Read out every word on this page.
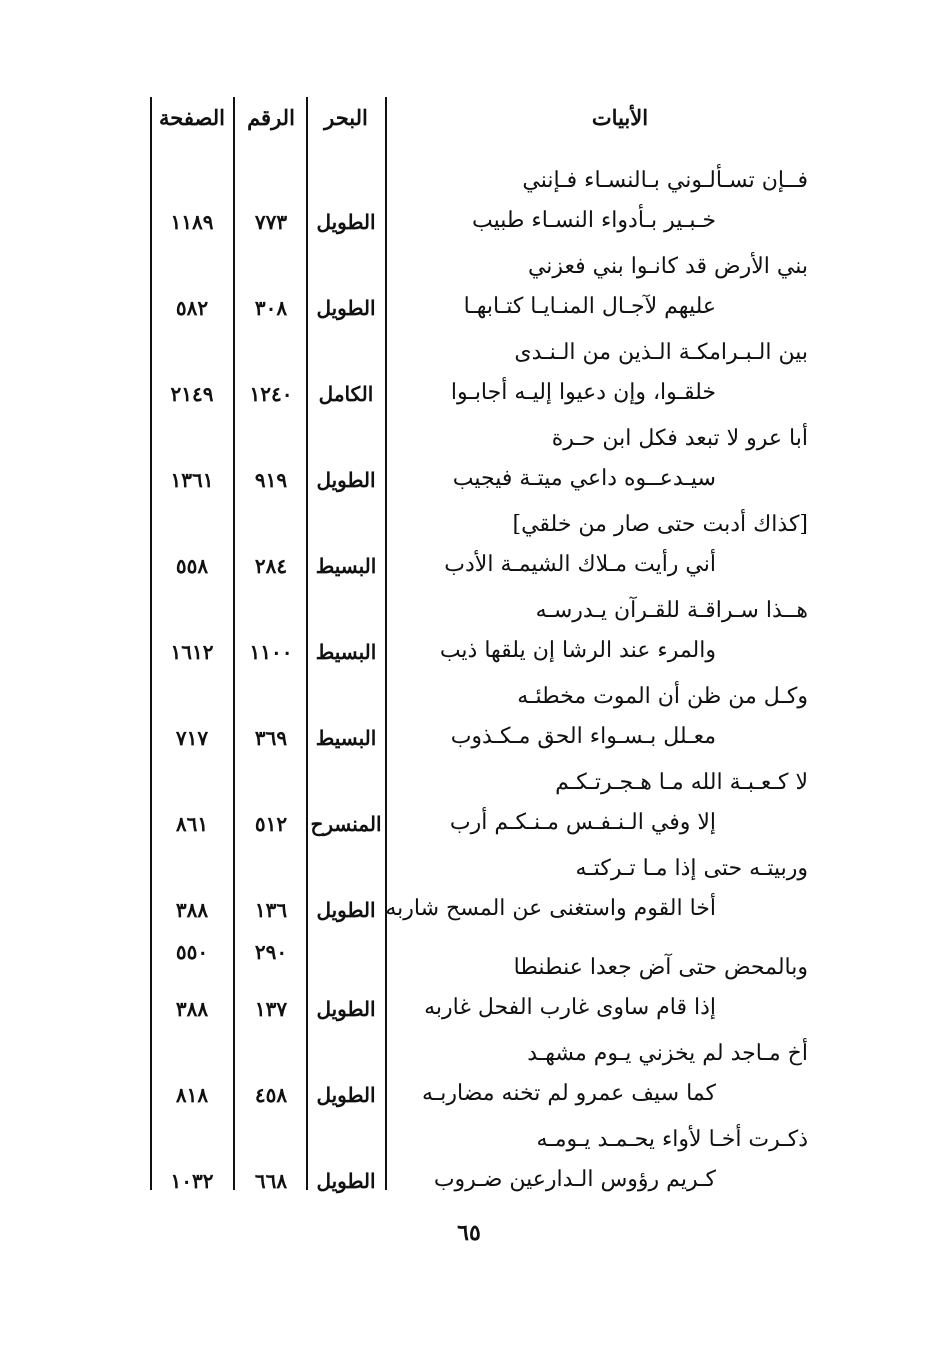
الأبيات
البحر
الرقم
الصفحة
فــإن تسـألـوني بـالنسـاء فـإنني
خـبـير بـأدواء النسـاء طبيب
الطويل
٧٧٣
١١٨٩
بني الأرض قد كانـوا بني فعزني
عليهم لآجـال المنـايـا كتـابهـا
الطويل
٣٠٨
٥٨٢
بين الـبـرامكـة الـذين من الـنـدى
خلقـوا، وإن دعيوا إليـه أجابـوا
الكامل
١٢٤٠
٢١٤٩
أبا عرو لا تبعد فكل ابن حـرة
سيـدعــوه داعي ميتـة فيجيب
الطويل
٩١٩
١٣٦١
[كذاك أدبت حتى صار من خلقي]
أني رأيت مـلاك الشيمـة الأدب
البسيط
٢٨٤
٥٥٨
هــذا سـراقـة للقـرآن يـدرسـه
والمرء عند الرشا إن يلقها ذيب
البسيط
١١٠٠
١٦١٢
وكـل من ظن أن الموت مخطئـه
معـلل بـسـواء الحق مـكـذوب
البسيط
٣٦٩
٧١٧
لا كـعـبـة الله مـا هـجـرتـكـم
إلا وفي الـنـفـس مـنـكـم أرب
المنسرح
٥١٢
٨٦١
وربيتـه حتى إذا مـا تـركتـه
أخا القوم واستغنى عن المسح شاربه
الطويل
١٣٦
٣٨٨
٢٩٠
٥٥٠
وبالمحض حتى آض جعدا عنطنطا
إذا قام ساوى غارب الفحل غاربه
الطويل
١٣٧
٣٨٨
أخ مـاجد لم يخزني يـوم مشهـد
كما سيف عمرو لم تخنه مضاربـه
الطويل
٤٥٨
٨١٨
ذكـرت أخـا لأواء يحـمـد يـومـه
كـريم رؤوس الـدارعين ضـروب
الطويل
٦٦٨
١٠٣٢
٦٥
